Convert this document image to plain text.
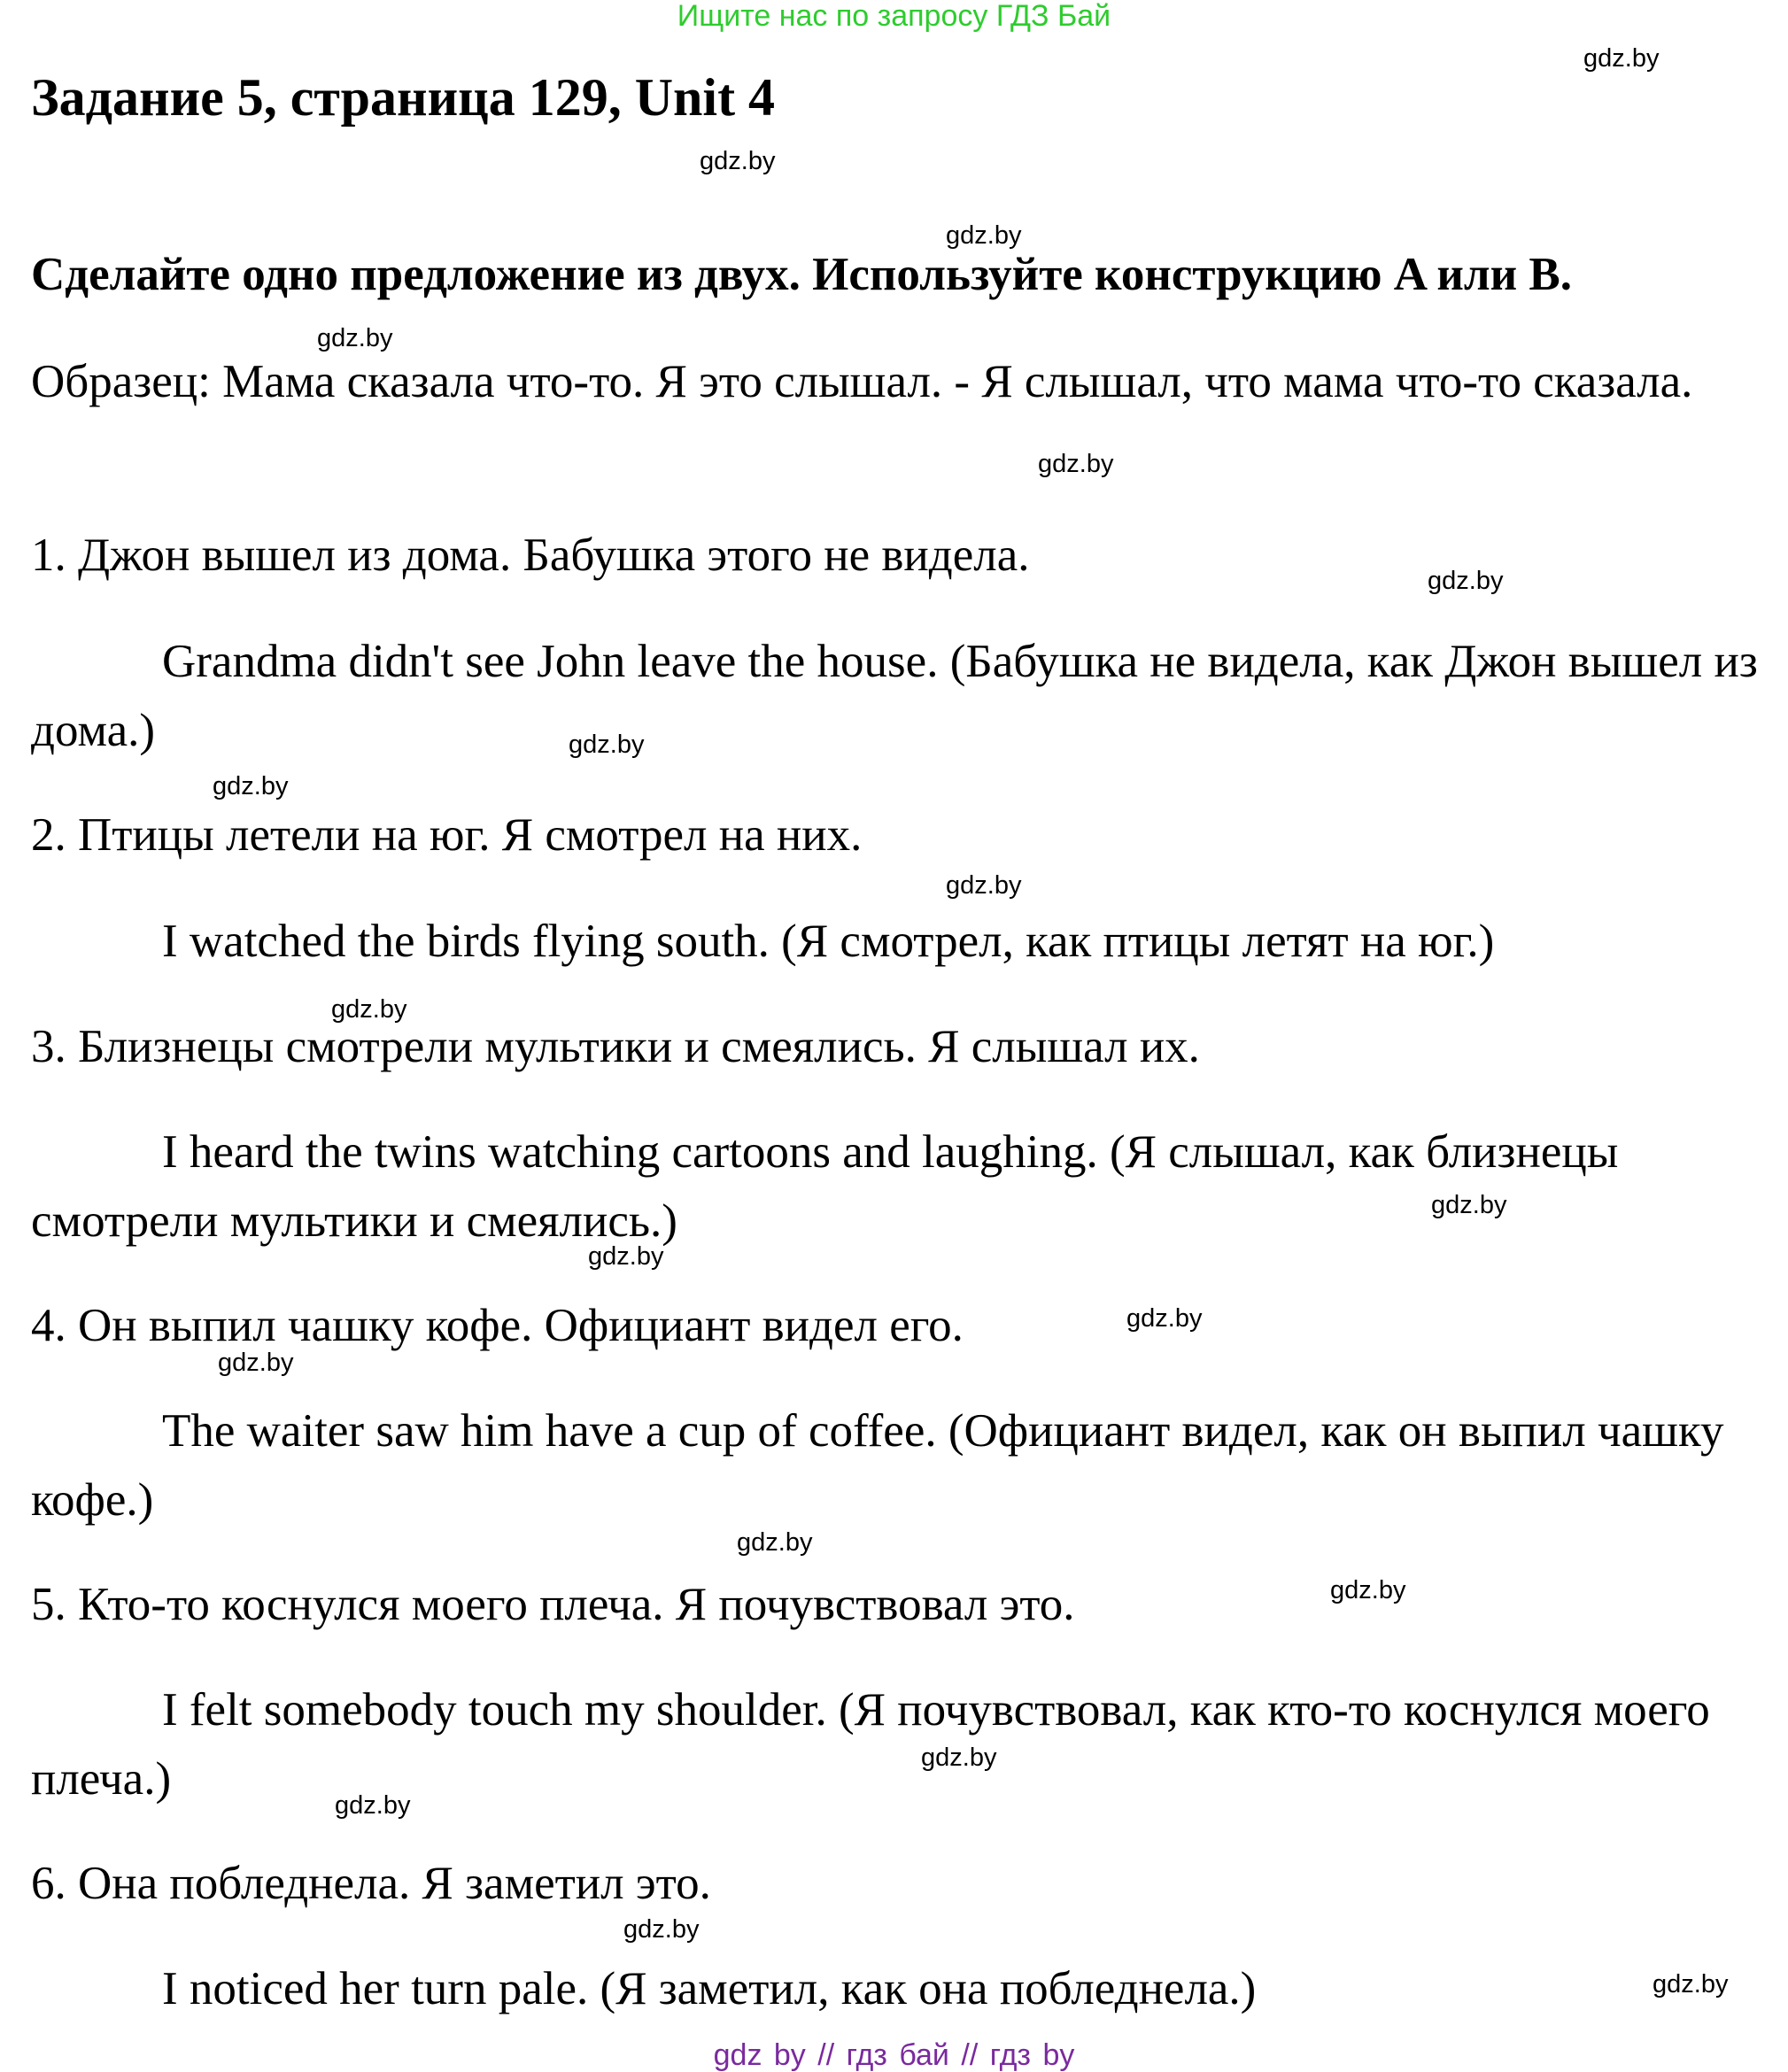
Ищите нас по запросу ГДЗ Бай
Задание 5, страница 129, Unit 4
Сделайте одно предложение из двух. Используйте конструкцию A или B.
Образец: Мама сказала что-то. Я это слышал. - Я слышал, что мама что-то сказала.
1. Джон вышел из дома. Бабушка этого не видела.
Grandma didn't see John leave the house. (Бабушка не видела, как Джон вышел из дома.)
2. Птицы летели на юг. Я смотрел на них.
I watched the birds flying south. (Я смотрел, как птицы летят на юг.)
3. Близнецы смотрели мультики и смеялись. Я слышал их.
I heard the twins watching cartoons and laughing. (Я слышал, как близнецы смотрели мультики и смеялись.)
4. Он выпил чашку кофе. Официант видел его.
The waiter saw him have a cup of coffee. (Официант видел, как он выпил чашку кофе.)
5. Кто-то коснулся моего плеча. Я почувствовал это.
I felt somebody touch my shoulder. (Я почувствовал, как кто-то коснулся моего плеча.)
6. Она побледнела. Я заметил это.
I noticed her turn pale. (Я заметил, как она побледнела.)
gdz.by
gdz.by
gdz.by
gdz.by
gdz.by
gdz.by
gdz.by
gdz.by
gdz.by
gdz.by
gdz.by
gdz.by
gdz.by
gdz.by
gdz.by
gdz.by
gdz.by
gdz.by
gdz.by
gdz.by
gdz by // гдз бай // гдз by
